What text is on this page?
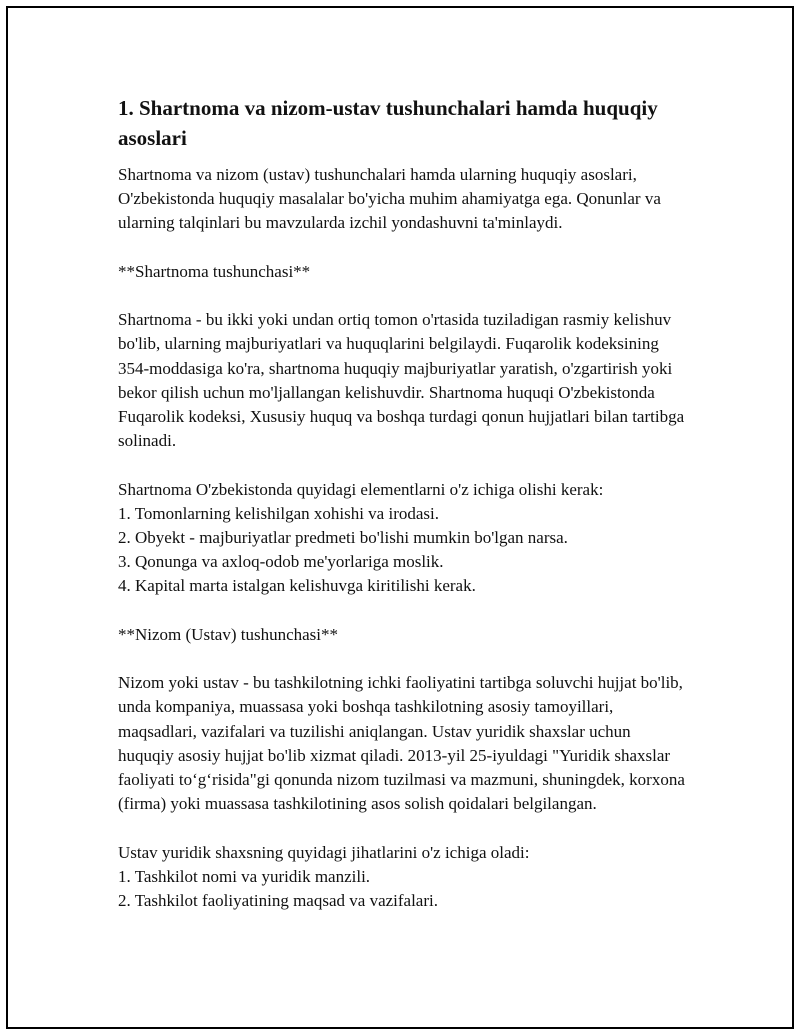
1. Shartnoma va nizom-ustav tushunchalari hamda huquqiy asoslari

Shartnoma va nizom (ustav) tushunchalari hamda ularning huquqiy asoslari, O'zbekistonda huquqiy masalalar bo'yicha muhim ahamiyatga ega. Qonunlar va ularning talqinlari bu mavzularda izchil yondashuvni ta'minlaydi.

**Shartnoma tushunchasi**

Shartnoma - bu ikki yoki undan ortiq tomon o'rtasida tuziladigan rasmiy kelishuv bo'lib, ularning majburiyatlari va huquqlarini belgilaydi. Fuqarolik kodeksining 354-moddasiga ko'ra, shartnoma huquqiy majburiyatlar yaratish, o'zgartirish yoki bekor qilish uchun mo'ljallangan kelishuvdir. Shartnoma huquqi O'zbekistonda Fuqarolik kodeksi, Xususiy huquq va boshqa turdagi qonun hujjatlari bilan tartibga solinadi.

Shartnoma O'zbekistonda quyidagi elementlarni o'z ichiga olishi kerak:

1. Tomonlarning kelishilgan xohishi va irodasi.

2. Obyekt - majburiyatlar predmeti bo'lishi mumkin bo'lgan narsa.

3. Qonunga va axloq-odob me'yorlariga moslik.

4. Kapital marta istalgan kelishuvga kiritilishi kerak.

**Nizom (Ustav) tushunchasi**

Nizom yoki ustav - bu tashkilotning ichki faoliyatini tartibga soluvchi hujjat bo'lib, unda kompaniya, muassasa yoki boshqa tashkilotning asosiy tamoyillari, maqsadlari, vazifalari va tuzilishi aniqlangan. Ustav yuridik shaxslar uchun huquqiy asosiy hujjat bo'lib xizmat qiladi. 2013-yil 25-iyuldagi "Yuridik shaxslar faoliyati to‘g‘risida"gi qonunda nizom tuzilmasi va mazmuni, shuningdek, korxona (firma) yoki muassasa tashkilotining asos solish qoidalari belgilangan.

Ustav yuridik shaxsning quyidagi jihatlarini o'z ichiga oladi:

1. Tashkilot nomi va yuridik manzili.

2. Tashkilot faoliyatining maqsad va vazifalari.
